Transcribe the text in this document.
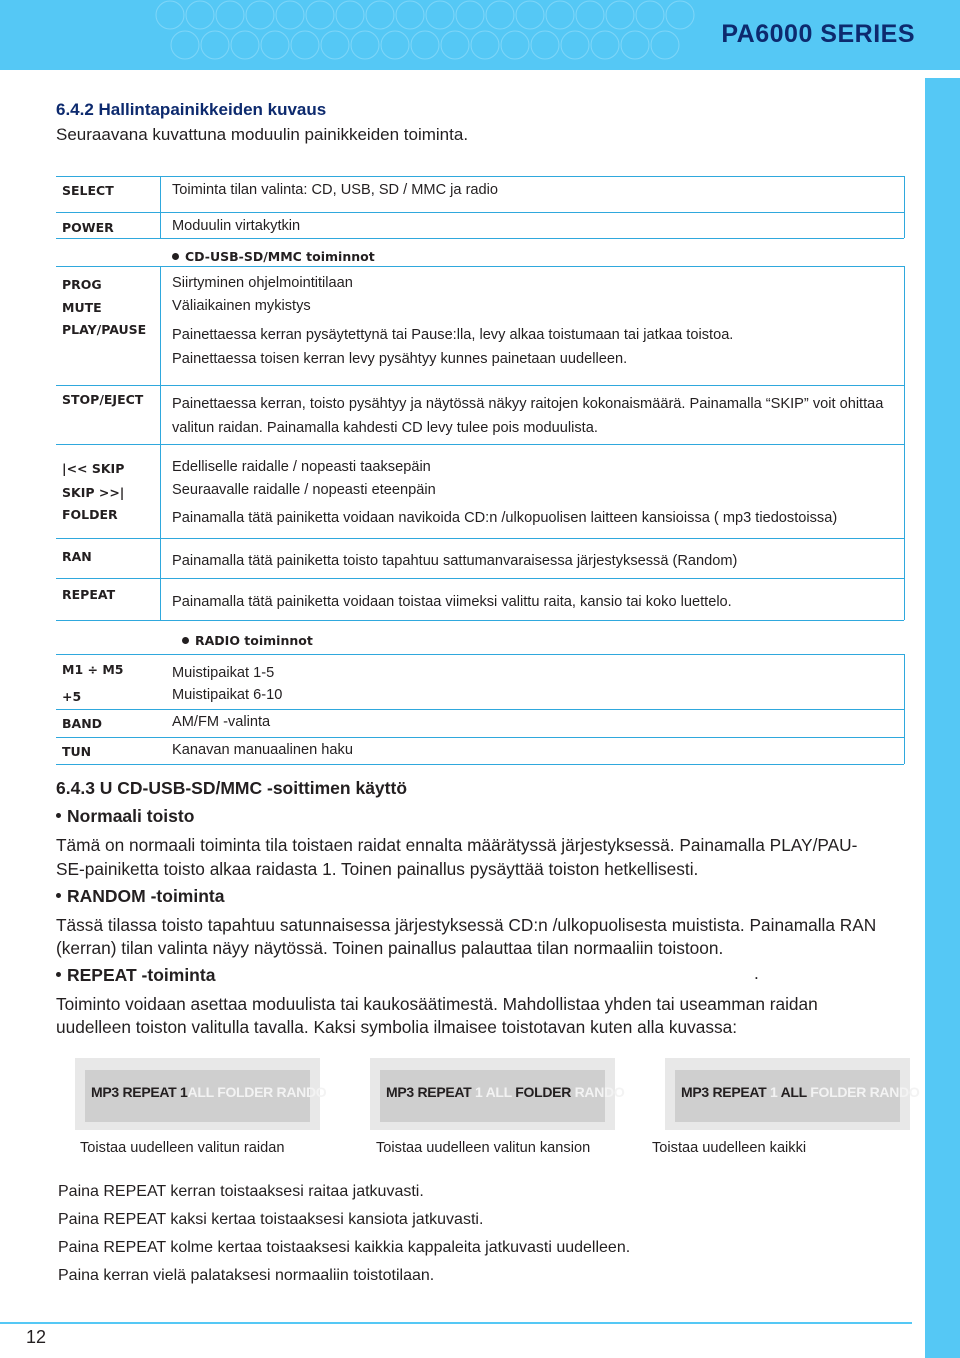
PA6000 SERIES
6.4.2 Hallintapainikkeiden kuvaus
Seuraavana kuvattuna moduulin painikkeiden toiminta.
SELECT	Toiminta tilan valinta: CD, USB, SD / MMC ja radio
POWER	Moduulin virtakytkin
CD-USB-SD/MMC toiminnot
PROG	Siirtyminen ohjelmointitilaan
MUTE	Väliaikainen mykistys
PLAY/PAUSE Painettaessa kerran pysäytettynä tai Pause:lla, levy alkaa toistumaan tai jatkaa toistoa.
Painettaessa toisen kerran levy pysähtyy kunnes painetaan uudelleen.
STOP/EJECT Painettaessa kerran, toisto pysähtyy ja näytössä näkyy raitojen kokonaismäärä. Painamalla “SKIP” voit ohittaa
valitun raidan. Painamalla kahdesti CD levy tulee pois moduulista.
|<< SKIP	Edelliselle raidalle / nopeasti taaksepäin
SKIP >>|	Seuraavalle raidalle / nopeasti eteenpäin
FOLDER	Painamalla tätä painiketta voidaan navikoida CD:n /ulkopuolisen laitteen kansioissa ( mp3 tiedostoissa)
RAN	Painamalla tätä painiketta toisto tapahtuu sattumanvaraisessa järjestyksessä (Random)
REPEAT	Painamalla tätä painiketta voidaan toistaa viimeksi valittu raita, kansio tai koko luettelo.
RADIO toiminnot
M1 ÷ M5	Muistipaikat 1-5
+5	Muistipaikat 6-10
BAND	AM/FM -valinta
TUN	Kanavan manuaalinen haku
6.4.3 U CD-USB-SD/MMC -soittimen käyttö
Normaali toisto
Tämä on normaali toiminta tila toistaen raidat ennalta määrätyssä järjestyksessä. Painamalla PLAY/PAU-
SE-painiketta toisto alkaa raidasta 1. Toinen painallus pysäyttää toiston hetkellisesti.
RANDOM -toiminta
Tässä tilassa toisto tapahtuu satunnaisessa järjestyksessä CD:n /ulkopuolisesta muistista. Painamalla RAN
(kerran) tilan valinta näyy näytössä. Toinen painallus palauttaa tilan normaaliin toistoon.
REPEAT -toiminta	.
Toiminto voidaan asettaa moduulista tai kaukosäätimestä. Mahdollistaa yhden tai useamman raidan
uudelleen toiston valitulla tavalla. Kaksi symbolia ilmaisee toistotavan kuten alla kuvassa:
MP3 REPEAT 1ALL FOLDER RANDO	MP3 REPEAT 1 ALL FOLDER RANDO	MP3 REPEAT 1 ALL FOLDER RANDO
Toistaa uudelleen valitun raidan	Toistaa uudelleen valitun kansion	Toistaa uudelleen kaikki
Paina REPEAT kerran toistaaksesi raitaa jatkuvasti.
Paina REPEAT kaksi kertaa toistaaksesi kansiota jatkuvasti.
Paina REPEAT kolme kertaa toistaaksesi kaikkia kappaleita jatkuvasti uudelleen.
Paina kerran vielä palataksesi normaaliin toistotilaan.
12
